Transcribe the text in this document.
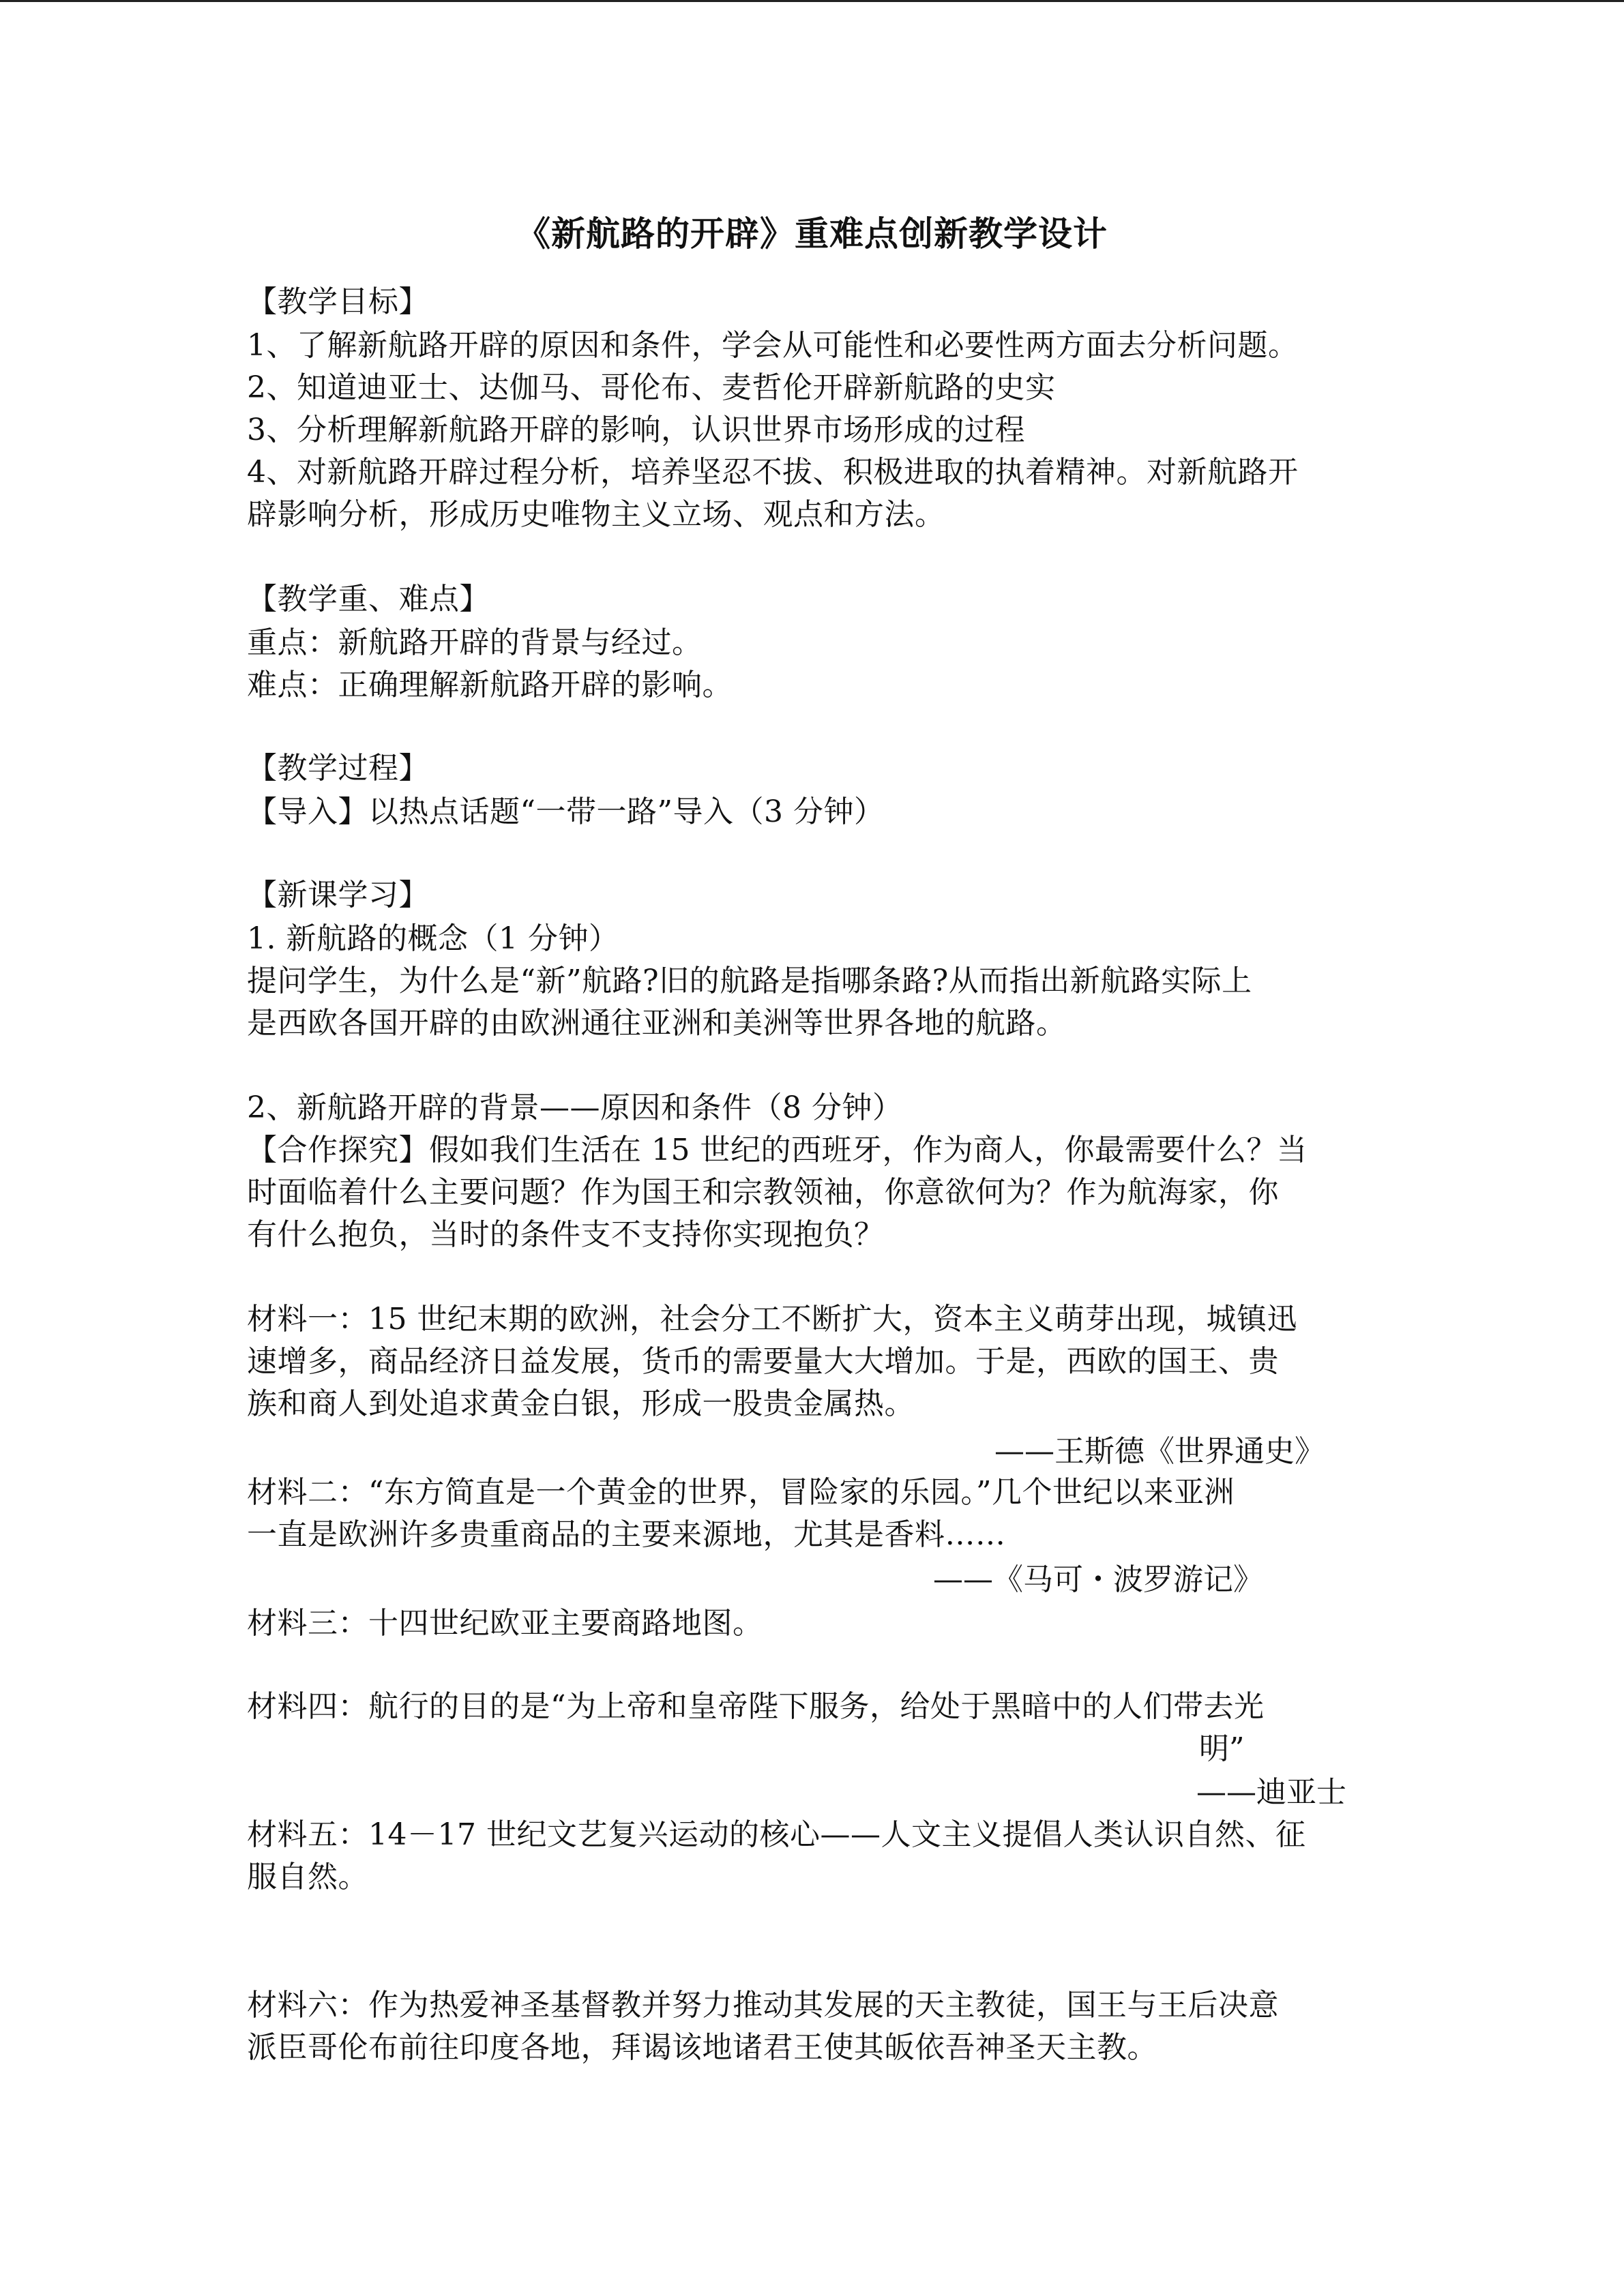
《新航路的开辟》重难点创新教学设计
【教学目标】
1、了解新航路开辟的原因和条件，学会从可能性和必要性两方面去分析问题。
2、知道迪亚士、达伽马、哥伦布、麦哲伦开辟新航路的史实
3、分析理解新航路开辟的影响，认识世界市场形成的过程
4、对新航路开辟过程分析，培养坚忍不拔、积极进取的执着精神。对新航路开
辟影响分析，形成历史唯物主义立场、观点和方法。
【教学重、难点】
重点：新航路开辟的背景与经过。
难点：正确理解新航路开辟的影响。
【教学过程】
【导入】以热点话题“一带一路”导入（3 分钟）
【新课学习】
1. 新航路的概念（1 分钟）
提问学生，为什么是“新”航路?旧的航路是指哪条路?从而指出新航路实际上
是西欧各国开辟的由欧洲通往亚洲和美洲等世界各地的航路。
2、新航路开辟的背景——原因和条件（8 分钟）
【合作探究】假如我们生活在 15 世纪的西班牙，作为商人，你最需要什么？当
时面临着什么主要问题？作为国王和宗教领袖，你意欲何为？作为航海家，你
有什么抱负，当时的条件支不支持你实现抱负？
材料一：15 世纪末期的欧洲，社会分工不断扩大，资本主义萌芽出现，城镇迅
速增多，商品经济日益发展，货币的需要量大大增加。于是，西欧的国王、贵
族和商人到处追求黄金白银，形成一股贵金属热。
——王斯德《世界通史》
材料二：“东方简直是一个黄金的世界，冒险家的乐园。”几个世纪以来亚洲
一直是欧洲许多贵重商品的主要来源地，尤其是香料……
——《马可・波罗游记》
材料三：十四世纪欧亚主要商路地图。
材料四：航行的目的是“为上帝和皇帝陛下服务，给处于黑暗中的人们带去光
明”
——迪亚士
材料五：14－17 世纪文艺复兴运动的核心——人文主义提倡人类认识自然、征
服自然。
材料六：作为热爱神圣基督教并努力推动其发展的天主教徒，国王与王后决意
派臣哥伦布前往印度各地，拜谒该地诸君王使其皈依吾神圣天主教。
